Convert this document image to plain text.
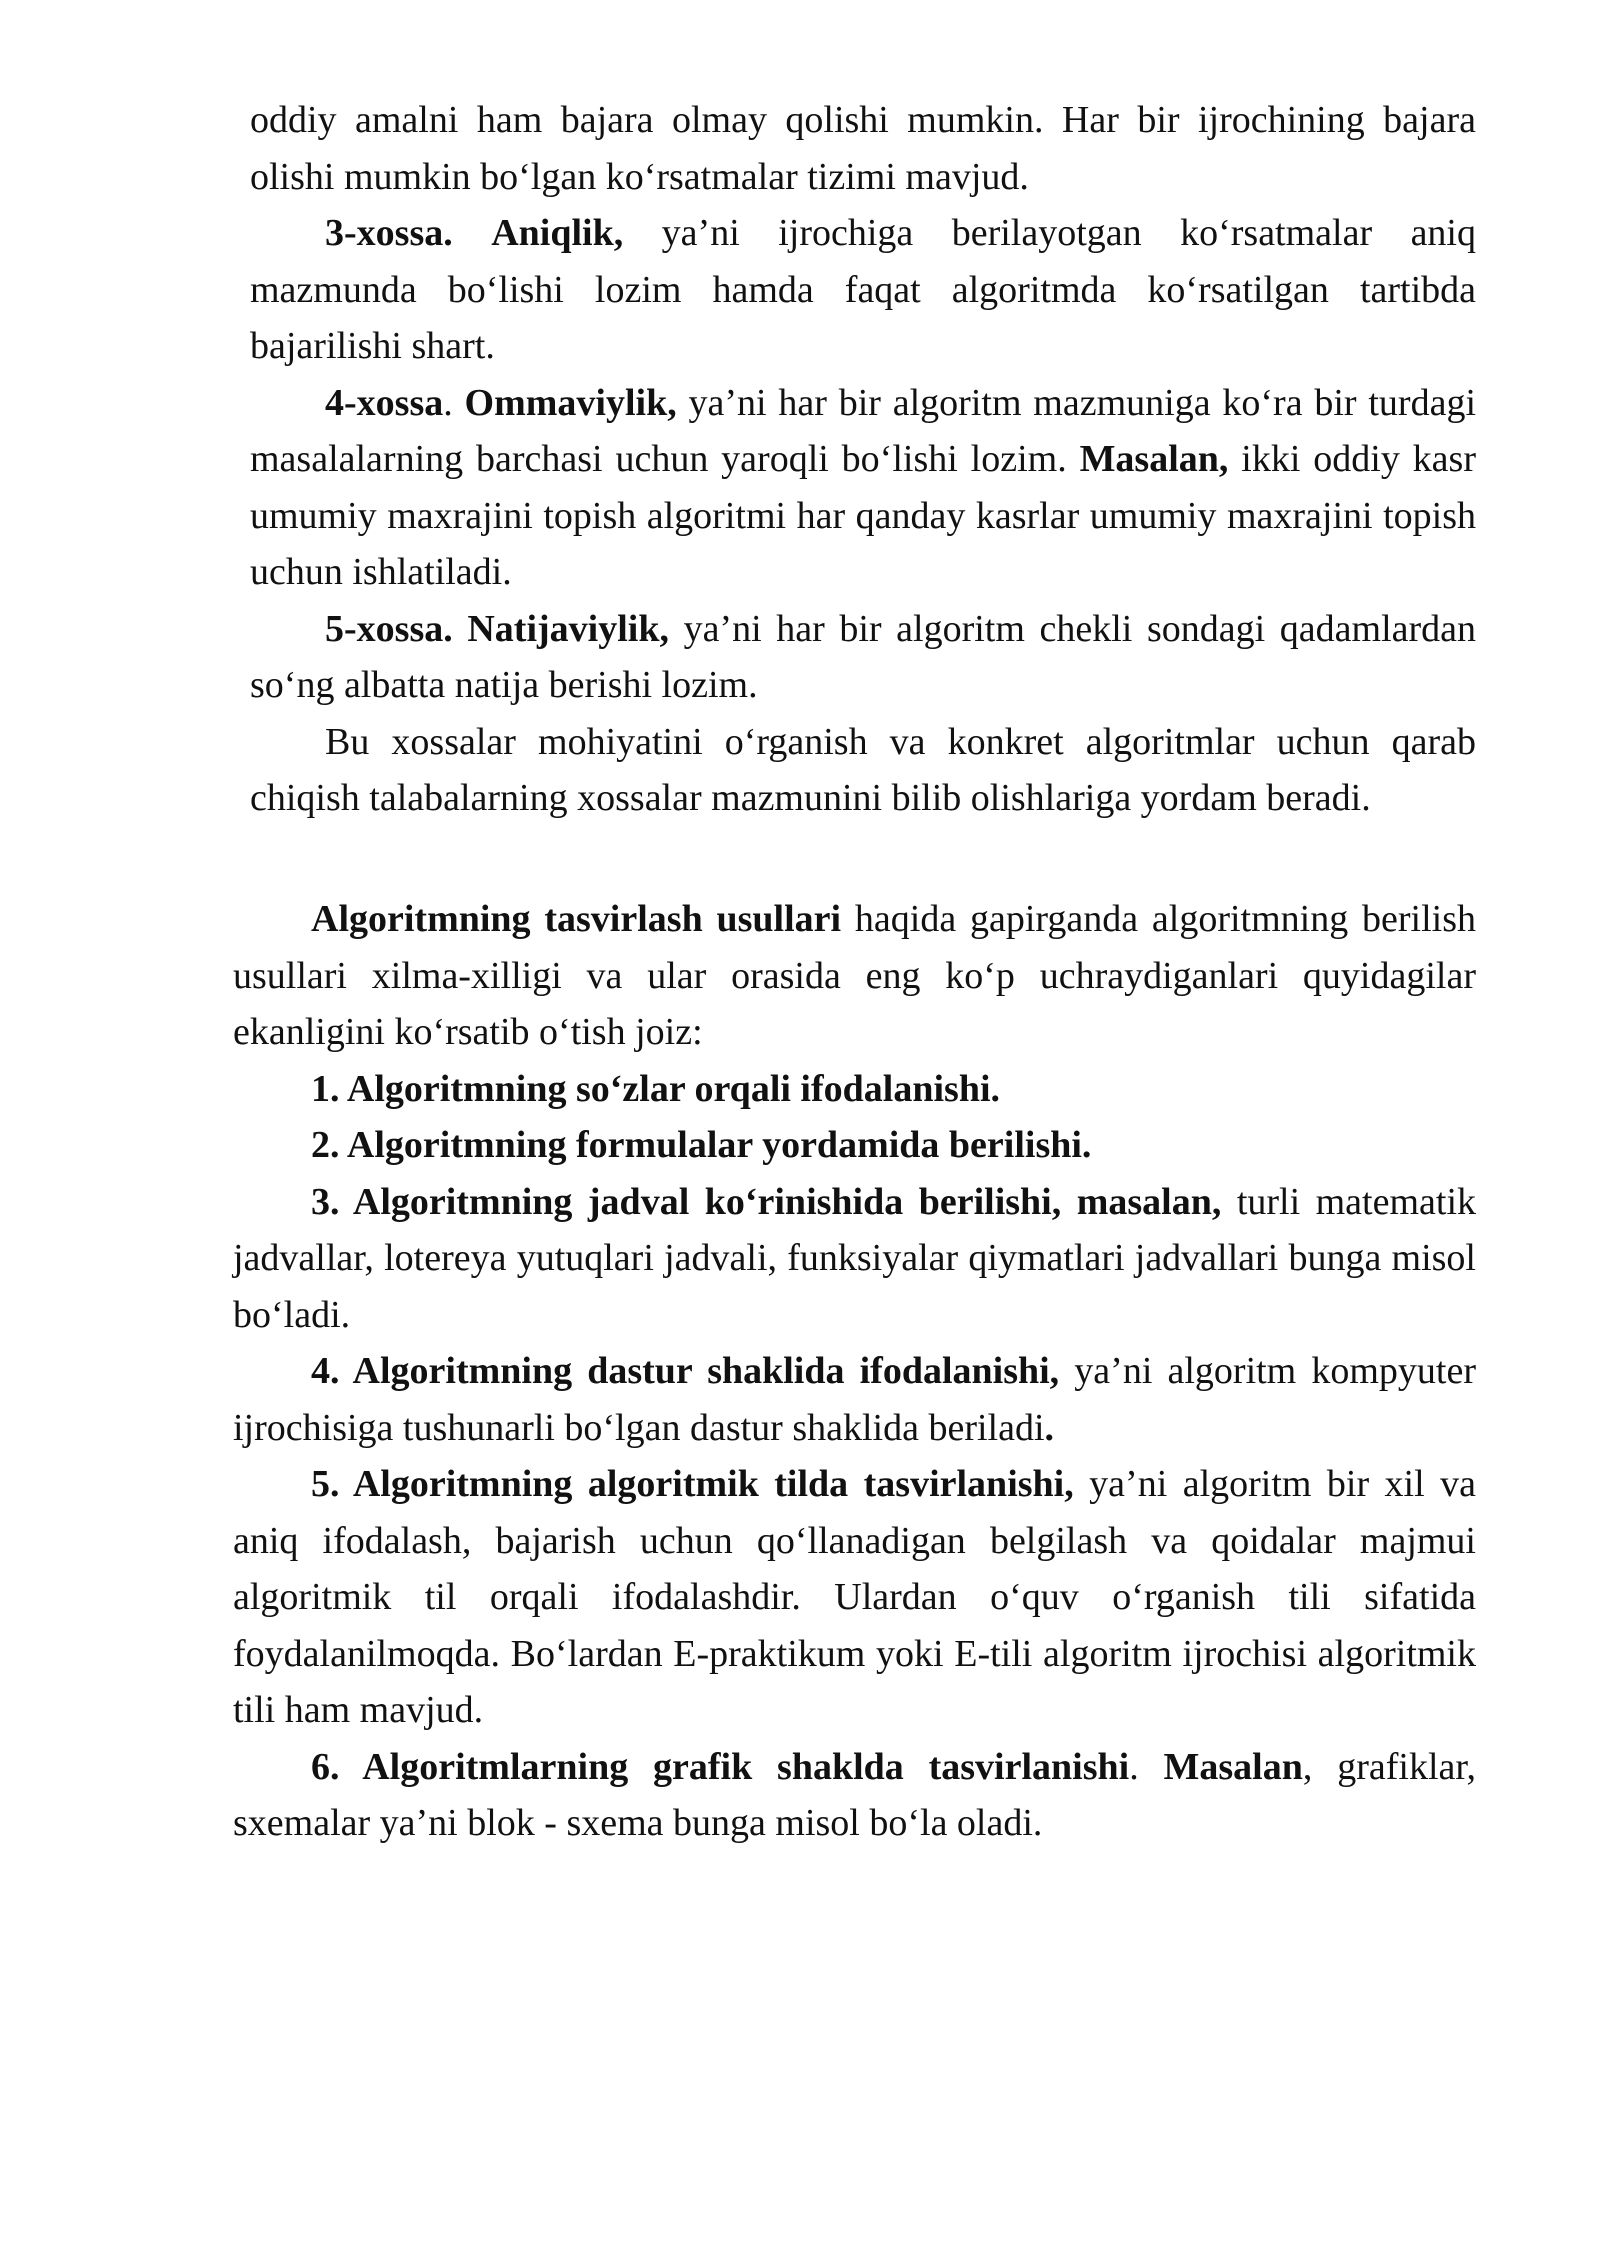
oddiy amalni ham bajara olmay qolishi mumkin. Har bir ijrochining bajara olishi mumkin bo‘lgan ko‘rsatmalar tizimi mavjud.

3-xossa. Aniqlik, ya’ni ijrochiga berilayotgan ko‘rsatmalar aniq mazmunda bo‘lishi lozim hamda faqat algoritmda ko‘rsatilgan tartibda bajarilishi shart.

4-xossa. Ommaviylik, ya’ni har bir algoritm mazmuniga ko‘ra bir turdagi masalalarning barchasi uchun yaroqli bo‘lishi lozim. Masalan, ikki oddiy kasr umumiy maxrajini topish algoritmi har qanday kasrlar umumiy maxrajini topish uchun ishlatiladi.

5-xossa. Natijaviylik, ya’ni har bir algoritm chekli sondagi qadamlardan so‘ng albatta natija berishi lozim.

Bu xossalar mohiyatini o‘rganish va konkret algoritmlar uchun qarab chiqish talabalarning xossalar mazmunini bilib olishlariga yordam beradi.

Algoritmning tasvirlash usullari haqida gapirganda algoritmning berilish usullari xilma-xilligi va ular orasida eng ko‘p uchraydiganlari quyidagilar ekanligini ko‘rsatib o‘tish joiz:

1. Algoritmning so‘zlar orqali ifodalanishi.

2. Algoritmning formulalar yordamida berilishi.

3. Algoritmning jadval ko‘rinishida berilishi, masalan, turli matematik jadvallar, lotereya yutuqlari jadvali, funksiyalar qiymatlari jadvallari bunga misol bo‘ladi.

4. Algoritmning dastur shaklida ifodalanishi, ya’ni algoritm kompyuter ijrochisiga tushunarli bo‘lgan dastur shaklida beriladi.

5. Algoritmning algoritmik tilda tasvirlanishi, ya’ni algoritm bir xil va aniq ifodalash, bajarish uchun qo‘llanadigan belgilash va qoidalar majmui algoritmik til orqali ifodalashdir. Ulardan o‘quv o‘rganish tili sifatida foydalanilmoqda. Bo‘lardan E-praktikum yoki E-tili algoritm ijrochisi algoritmik tili ham mavjud.

6. Algoritmlarning grafik shaklda tasvirlanishi. Masalan, grafiklar, sxemalar ya’ni blok - sxema bunga misol bo‘la oladi.
